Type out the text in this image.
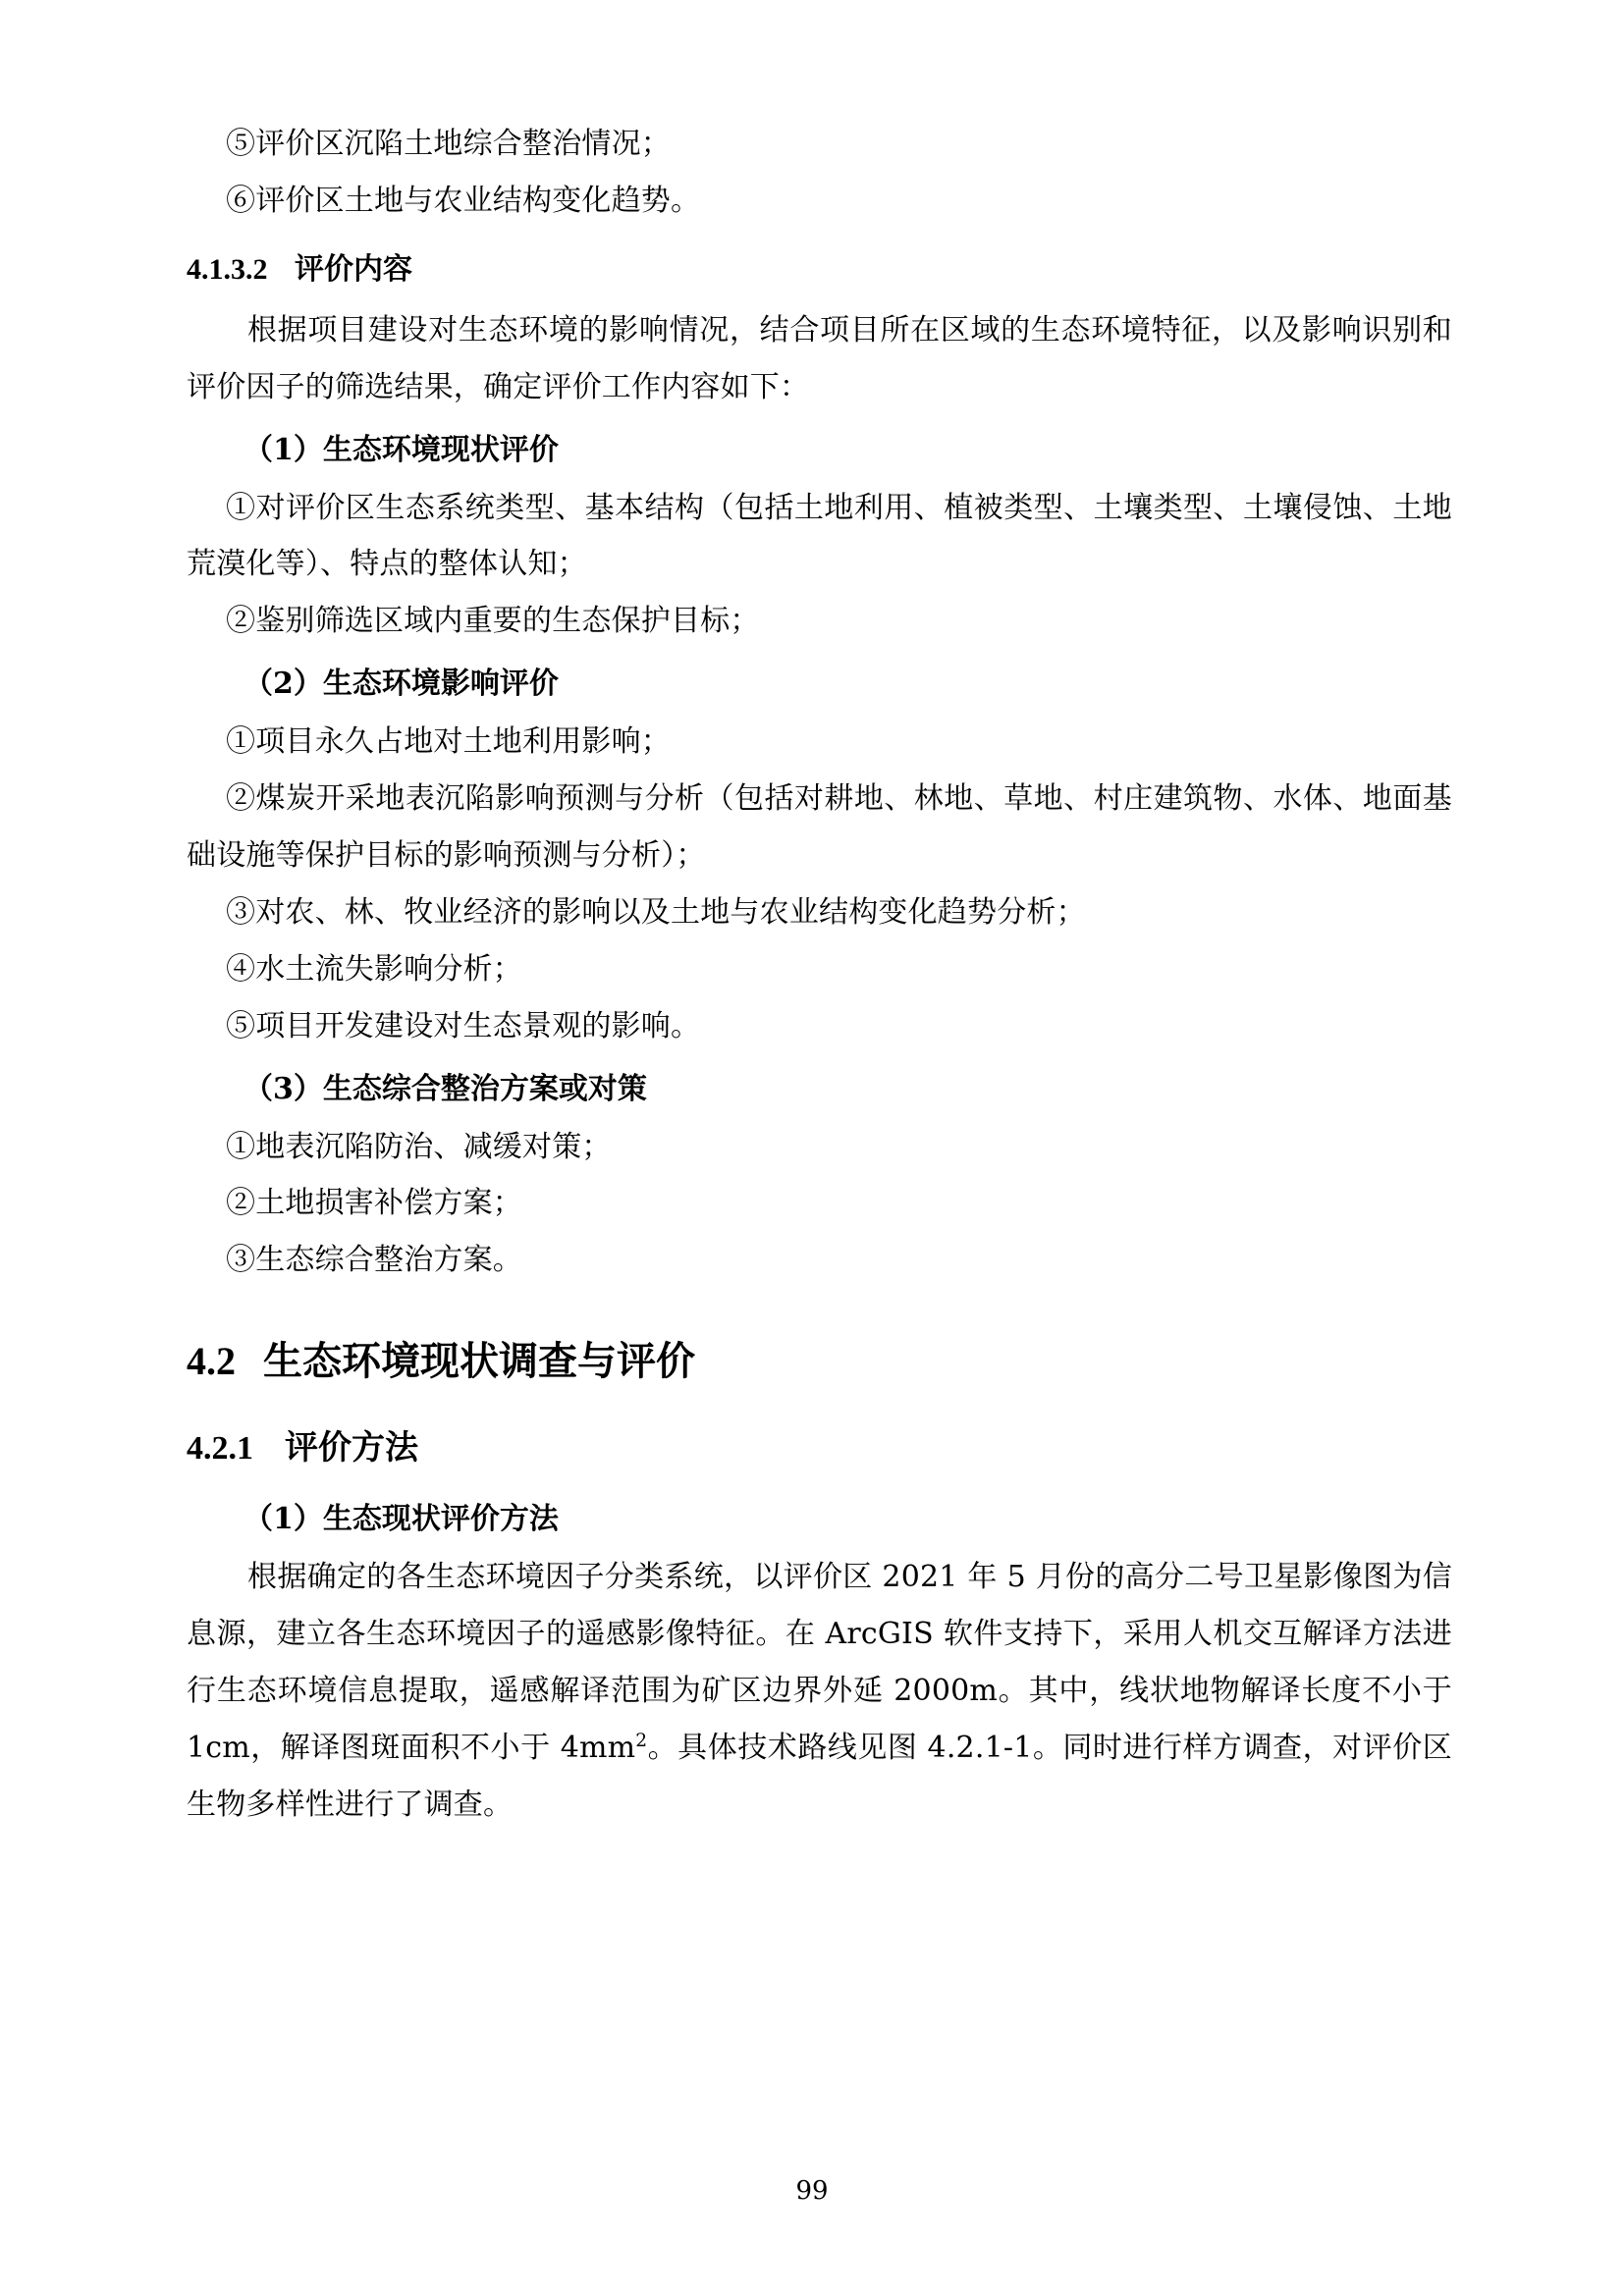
⑤评价区沉陷土地综合整治情况；

⑥评价区土地与农业结构变化趋势。

4.1.3.2 评价内容

根据项目建设对生态环境的影响情况，结合项目所在区域的生态环境特征，以及影响识别和评价因子的筛选结果，确定评价工作内容如下：

（1）生态环境现状评价

①对评价区生态系统类型、基本结构（包括土地利用、植被类型、土壤类型、土壤侵蚀、土地荒漠化等）、特点的整体认知；

②鉴别筛选区域内重要的生态保护目标；

（2）生态环境影响评价

①项目永久占地对土地利用影响；

②煤炭开采地表沉陷影响预测与分析（包括对耕地、林地、草地、村庄建筑物、水体、地面基础设施等保护目标的影响预测与分析）；

③对农、林、牧业经济的影响以及土地与农业结构变化趋势分析；

④水土流失影响分析；

⑤项目开发建设对生态景观的影响。

（3）生态综合整治方案或对策

①地表沉陷防治、减缓对策；

②土地损害补偿方案；

③生态综合整治方案。

4.2 生态环境现状调查与评价
4.2.1 评价方法

（1）生态现状评价方法

根据确定的各生态环境因子分类系统，以评价区 2021 年 5 月份的高分二号卫星影像图为信息源，建立各生态环境因子的遥感影像特征。在 ArcGIS 软件支持下，采用人机交互解译方法进行生态环境信息提取，遥感解译范围为矿区边界外延 2000m。其中，线状地物解译长度不小于 1cm，解译图斑面积不小于 $4mm^2$。具体技术路线见图 4.2.1-1。同时进行样方调查，对评价区生物多样性进行了调查。

99
